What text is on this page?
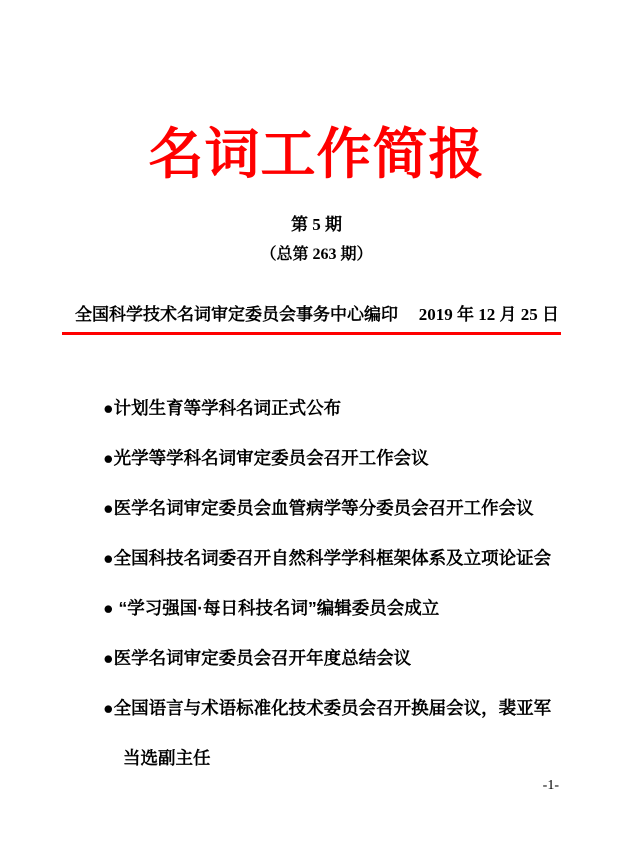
名词工作简报
第 5 期
（总第 263 期）
全国科学技术名词审定委员会事务中心编印 2019 年 12 月 25 日
●计划生育等学科名词正式公布
●光学等学科名词审定委员会召开工作会议
●医学名词审定委员会血管病学等分委员会召开工作会议
●全国科技名词委召开自然科学学科框架体系及立项论证会
● “学习强国·每日科技名词”编辑委员会成立
●医学名词审定委员会召开年度总结会议
●全国语言与术语标准化技术委员会召开换届会议，裴亚军
当选副主任
-1-
